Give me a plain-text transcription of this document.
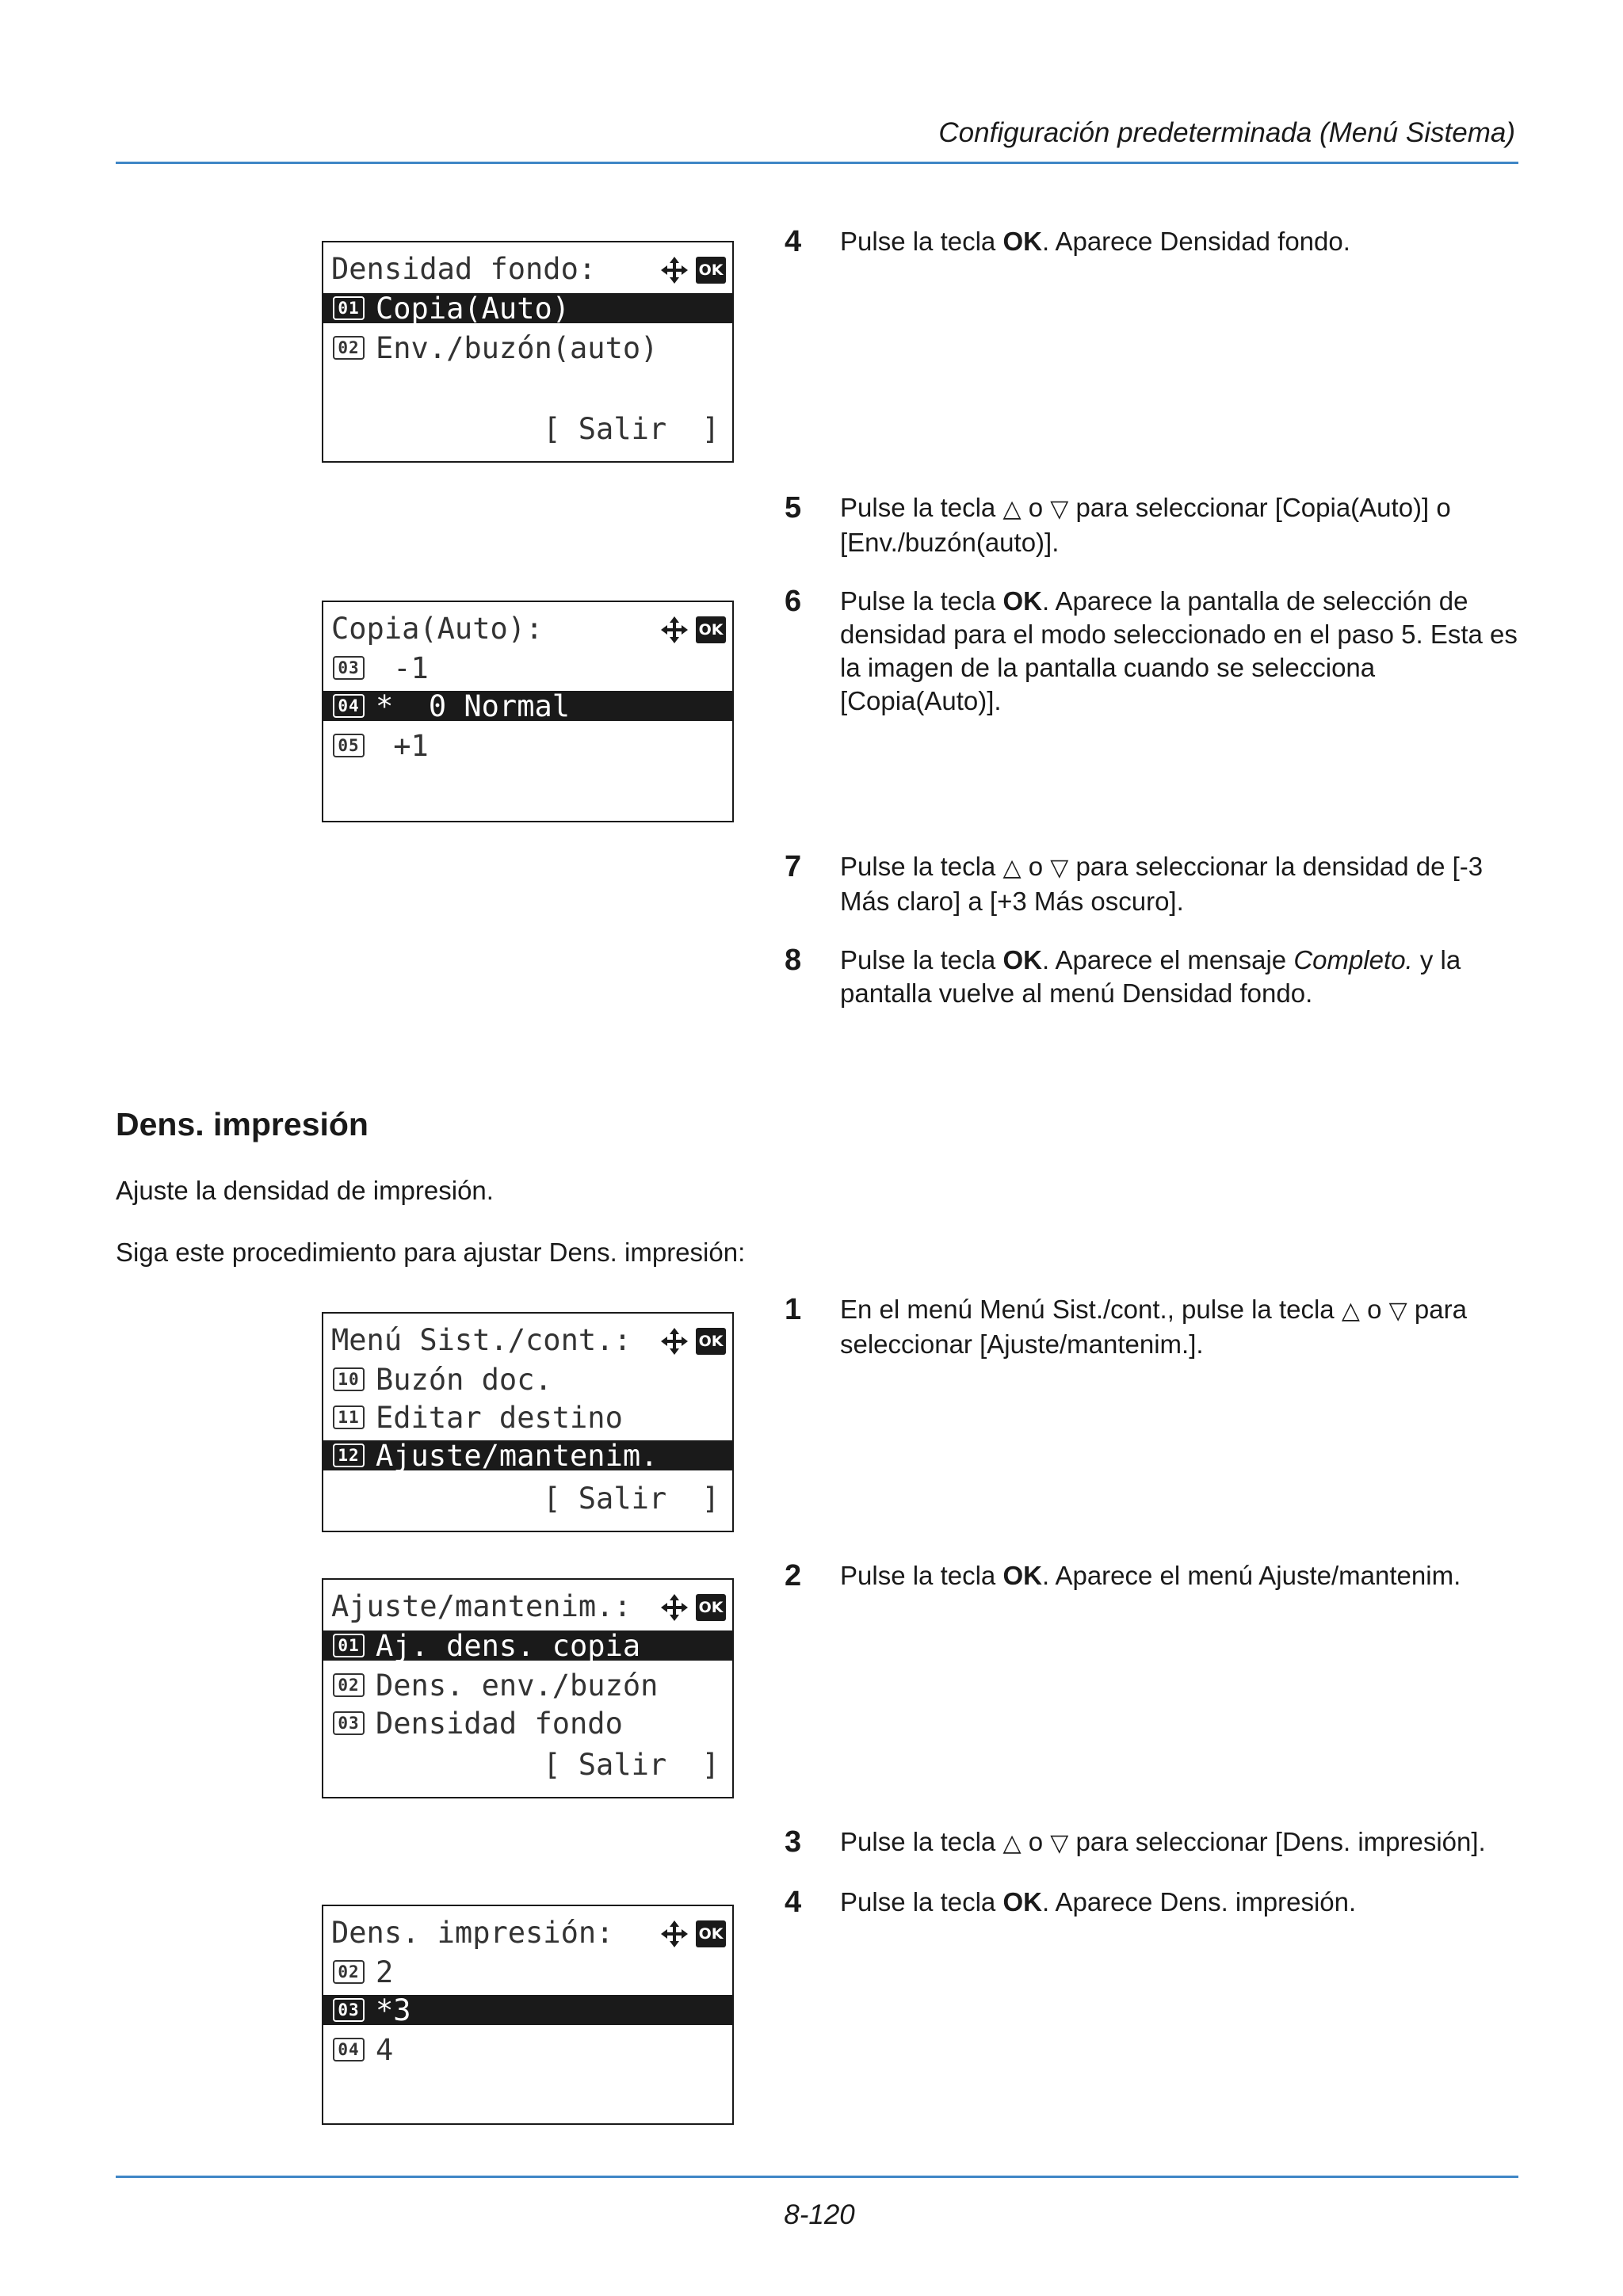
Configuración predeterminada (Menú Sistema)
Densidad fondo:	OK
01 Copia(Auto)
02 Env./buzón(auto)
[ Salir  ]
Copia(Auto):	OK
03 -1
04 *  0 Normal
05 +1
4	Pulse la tecla OK. Aparece Densidad fondo.
5	Pulse la tecla △ o ▽ para seleccionar [Copia(Auto)] o [Env./buzón(auto)].
6	Pulse la tecla OK. Aparece la pantalla de selección de densidad para el modo seleccionado en el paso 5. Esta es la imagen de la pantalla cuando se selecciona [Copia(Auto)].
7	Pulse la tecla △ o ▽ para seleccionar la densidad de [-3 Más claro] a [+3 Más oscuro].
8	Pulse la tecla OK. Aparece el mensaje Completo. y la pantalla vuelve al menú Densidad fondo.
Dens. impresión
Ajuste la densidad de impresión.
Siga este procedimiento para ajustar Dens. impresión:
Menú Sist./cont.:	OK
10 Buzón doc.
11 Editar destino
12 Ajuste/mantenim.
[ Salir  ]
Ajuste/mantenim.:	OK
01 Aj. dens. copia
02 Dens. env./buzón
03 Densidad fondo
[ Salir  ]
Dens. impresión:	OK
02 2
03 *3
04 4
1	En el menú Menú Sist./cont., pulse la tecla △ o ▽ para seleccionar [Ajuste/mantenim.].
2	Pulse la tecla OK. Aparece el menú Ajuste/mantenim.
3	Pulse la tecla △ o ▽ para seleccionar [Dens. impresión].
4	Pulse la tecla OK. Aparece Dens. impresión.
8-120
